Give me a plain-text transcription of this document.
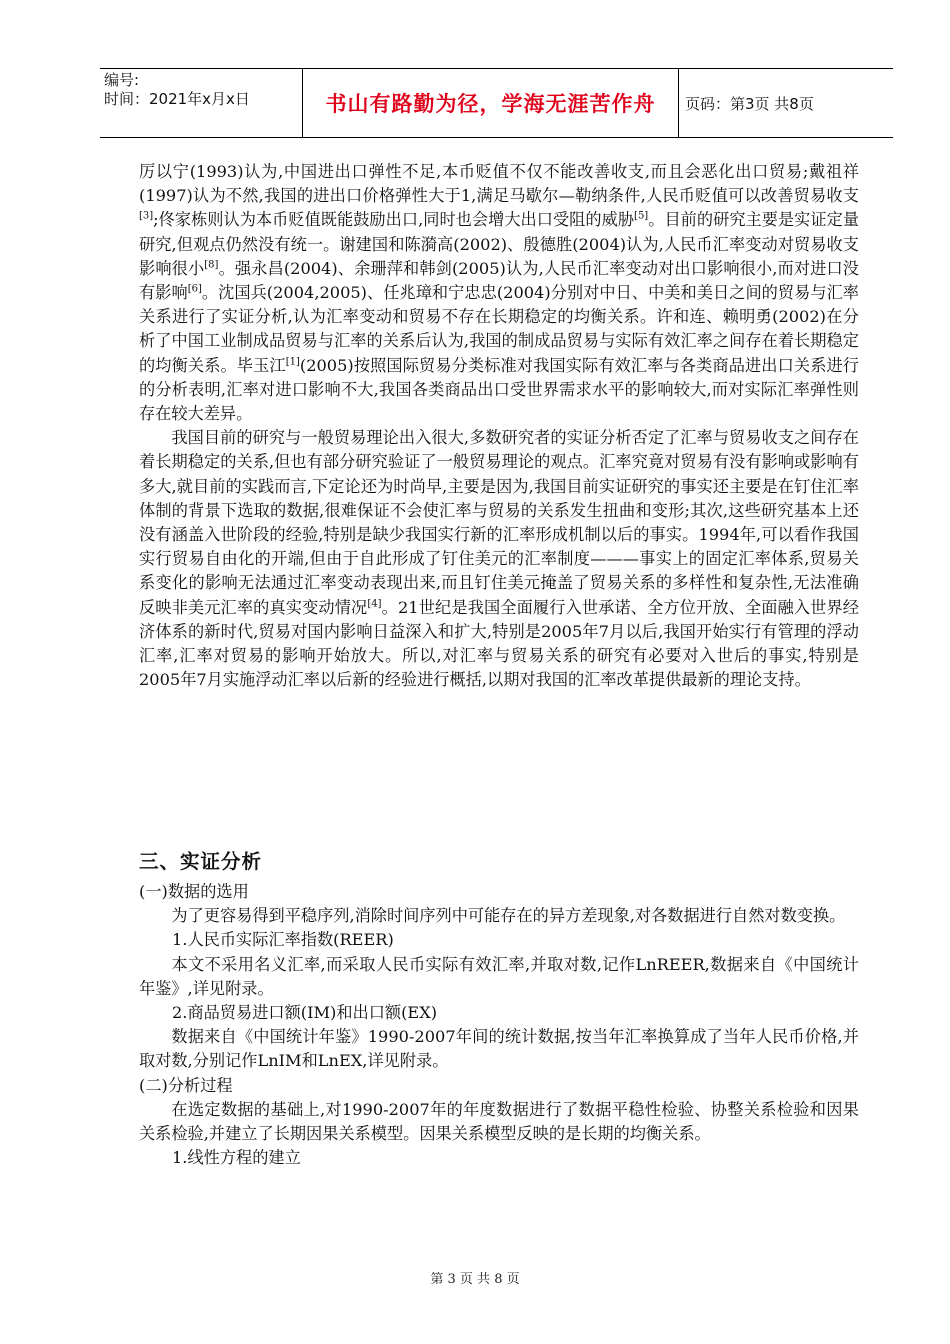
编号:
时间：2021年x月x日	书山有路勤为径，学海无涯苦作舟 页码：第3页 共8页

厉以宁(1993)认为,中国进出口弹性不足,本币贬值不仅不能改善收支,而且会恶化出口贸易;戴祖祥(1997)认为不然,我国的进出口价格弹性大于1,满足马歇尔—勒纳条件,人民币贬值可以改善贸易收支[3];佟家栋则认为本币贬值既能鼓励出口,同时也会增大出口受阻的威胁[5]。目前的研究主要是实证定量研究,但观点仍然没有统一。谢建国和陈漪高(2002)、殷德胜(2004)认为,人民币汇率变动对贸易收支影响很小[8]。强永昌(2004)、余珊萍和韩剑(2005)认为,人民币汇率变动对出口影响很小,而对进口没有影响[6]。沈国兵(2004,2005)、任兆璋和宁忠忠(2004)分别对中日、中美和美日之间的贸易与汇率关系进行了实证分析,认为汇率变动和贸易不存在长期稳定的均衡关系。许和连、赖明勇(2002)在分析了中国工业制成品贸易与汇率的关系后认为,我国的制成品贸易与实际有效汇率之间存在着长期稳定的均衡关系。毕玉江[1](2005)按照国际贸易分类标准对我国实际有效汇率与各类商品进出口关系进行的分析表明,汇率对进口影响不大,我国各类商品出口受世界需求水平的影响较大,而对实际汇率弹性则存在较大差异。

我国目前的研究与一般贸易理论出入很大,多数研究者的实证分析否定了汇率与贸易收支之间存在着长期稳定的关系,但也有部分研究验证了一般贸易理论的观点。汇率究竟对贸易有没有影响或影响有多大,就目前的实践而言,下定论还为时尚早,主要是因为,我国目前实证研究的事实还主要是在钉住汇率体制的背景下选取的数据,很难保证不会使汇率与贸易的关系发生扭曲和变形;其次,这些研究基本上还没有涵盖入世阶段的经验,特别是缺少我国实行新的汇率形成机制以后的事实。1994年,可以看作我国实行贸易自由化的开端,但由于自此形成了钉住美元的汇率制度———事实上的固定汇率体系,贸易关系变化的影响无法通过汇率变动表现出来,而且钉住美元掩盖了贸易关系的多样性和复杂性,无法准确反映非美元汇率的真实变动情况[4]。21世纪是我国全面履行入世承诺、全方位开放、全面融入世界经济体系的新时代,贸易对国内影响日益深入和扩大,特别是2005年7月以后,我国开始实行有管理的浮动汇率,汇率对贸易的影响开始放大。所以,对汇率与贸易关系的研究有必要对入世后的事实,特别是2005年7月实施浮动汇率以后新的经验进行概括,以期对我国的汇率改革提供最新的理论支持。

三、实证分析

(一)数据的选用

为了更容易得到平稳序列,消除时间序列中可能存在的异方差现象,对各数据进行自然对数变换。

1.人民币实际汇率指数(REER)

本文不采用名义汇率,而采取人民币实际有效汇率,并取对数,记作LnREER,数据来自《中国统计年鉴》,详见附录。

2.商品贸易进口额(IM)和出口额(EX)

数据来自《中国统计年鉴》1990-2007年间的统计数据,按当年汇率换算成了当年人民币价格,并取对数,分别记作LnIM和LnEX,详见附录。

(二)分析过程

在选定数据的基础上,对1990-2007年的年度数据进行了数据平稳性检验、协整关系检验和因果关系检验,并建立了长期因果关系模型。因果关系模型反映的是长期的均衡关系。

1.线性方程的建立

第 3 页 共 8 页
